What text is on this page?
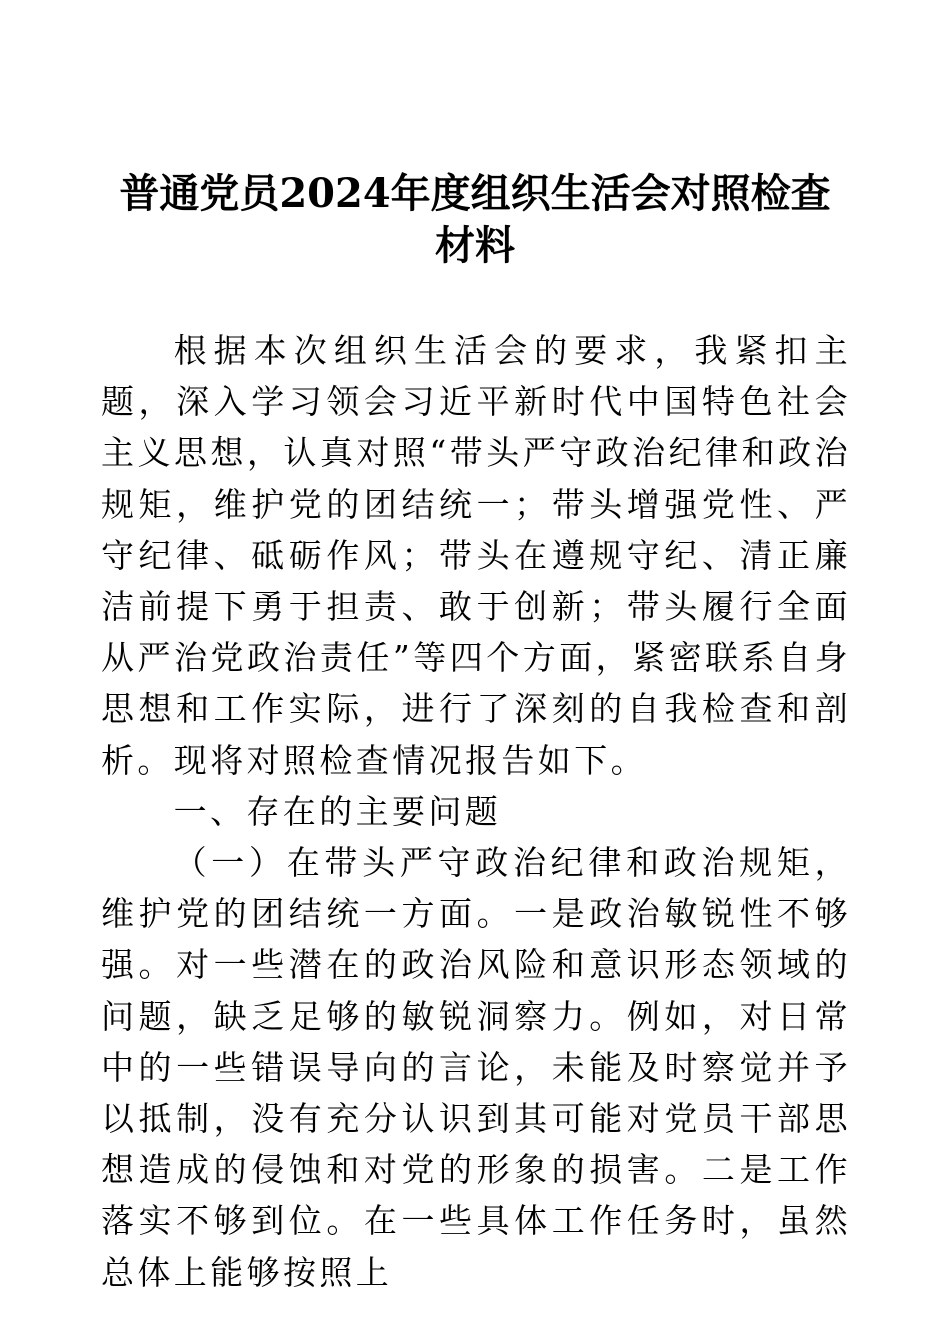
普通党员2024年度组织生活会对照检查材料

根据本次组织生活会的要求，我紧扣主题，深入学习领会习近平新时代中国特色社会主义思想，认真对照“带头严守政治纪律和政治规矩，维护党的团结统一；带头增强党性、严守纪律、砥砺作风；带头在遵规守纪、清正廉洁前提下勇于担责、敢于创新；带头履行全面从严治党政治责任”等四个方面，紧密联系自身思想和工作实际，进行了深刻的自我检查和剖析。现将对照检查情况报告如下。

一、存在的主要问题

（一）在带头严守政治纪律和政治规矩，维护党的团结统一方面。一是政治敏锐性不够强。对一些潜在的政治风险和意识形态领域的问题，缺乏足够的敏锐洞察力。例如，对日常中的一些错误导向的言论，未能及时察觉并予以抵制，没有充分认识到其可能对党员干部思想造成的侵蚀和对党的形象的损害。二是工作落实不够到位。在一些具体工作任务时，虽然总体上能够按照上
